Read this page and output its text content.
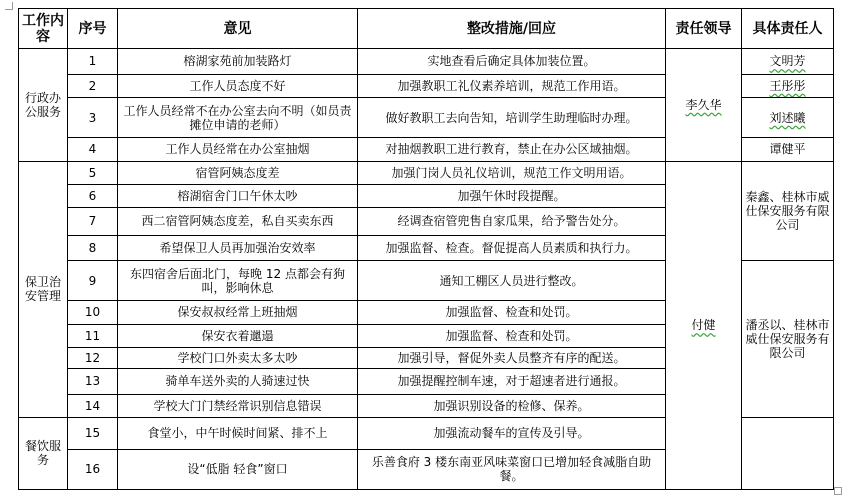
工作内容	序号	意见	整改措施/回应	责任领导	具体责任人
行政办公服务	1	榕湖家苑前加装路灯	实地查看后确定具体加装位置。	李久华	文明芳
	2	工作人员态度不好	加强教职工礼仪素养培训，规范工作用语。		王彤彤
	3	工作人员经常不在办公室去向不明（如员责摊位申请的老师）	做好教职工去向告知，培训学生助理临时办理。		刘述曦
	4	工作人员经常在办公室抽烟	对抽烟教职工进行教育，禁止在办公区域抽烟。		谭健平
保卫治安管理	5	宿管阿姨态度差	加强门岗人员礼仪培训，规范工作文明用语。	付健	秦鑫、桂林市威仕保安服务有限公司
	6	榕湖宿舍门口午休太吵	加强午休时段提醒。		
	7	西二宿管阿姨态度差，私自买卖东西	经调查宿管兜售自家瓜果，给予警告处分。		
	8	希望保卫人员再加强治安效率	加强监督、检查。督促提高人员素质和执行力。		
	9	东四宿舍后面北门，每晚 12 点都会有狗叫，影响休息	通知工棚区人员进行整改。		潘丞以、桂林市威仕保安服务有限公司
	10	保安叔叔经常上班抽烟	加强监督、检查和处罚。		
	11	保安衣着邋遢	加强监督、检查和处罚。		
	12	学校门口外卖太多太吵	加强引导，督促外卖人员整齐有序的配送。		
	13	骑单车送外卖的人骑速过快	加强提醒控制车速，对于超速者进行通报。		
	14	学校大门门禁经常识别信息错误	加强识别设备的检修、保养。		
餐饮服务	15	食堂小，中午时候时间紧、排不上	加强流动餐车的宣传及引导。		
	16	设“低脂 轻食”窗口	乐善食府 3 楼东南亚风味菜窗口已增加轻食减脂自助餐。		
